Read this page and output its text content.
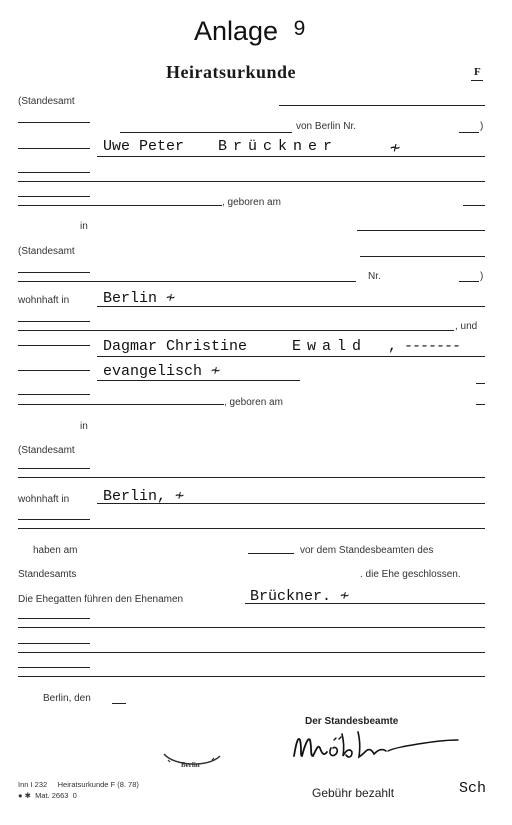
Anlage 9
Heiratsurkunde	F
(Standesamt
von Berlin Nr.	)
Uwe Peter Brückner	≁
, geboren am
in
(Standesamt
Nr.	)
wohnhaft in Berlin ≁
, und
Dagmar Christine	Ewald , -------
evangelisch ≁
, geboren am
in
(Standesamt
wohnhaft in Berlin, ≁
haben am	vor dem Standesbeamten des
Standesamts	. die Ehe geschlossen.
Die Ehegatten führen den Ehenamen	Brückner. ≁
Berlin, den
Der Standesbeamte
Berlin
Inn I 232     Heiratsurkunde F (8. 78)
● ✱  Mat. 2663  0	Gebühr bezahlt	Sch
